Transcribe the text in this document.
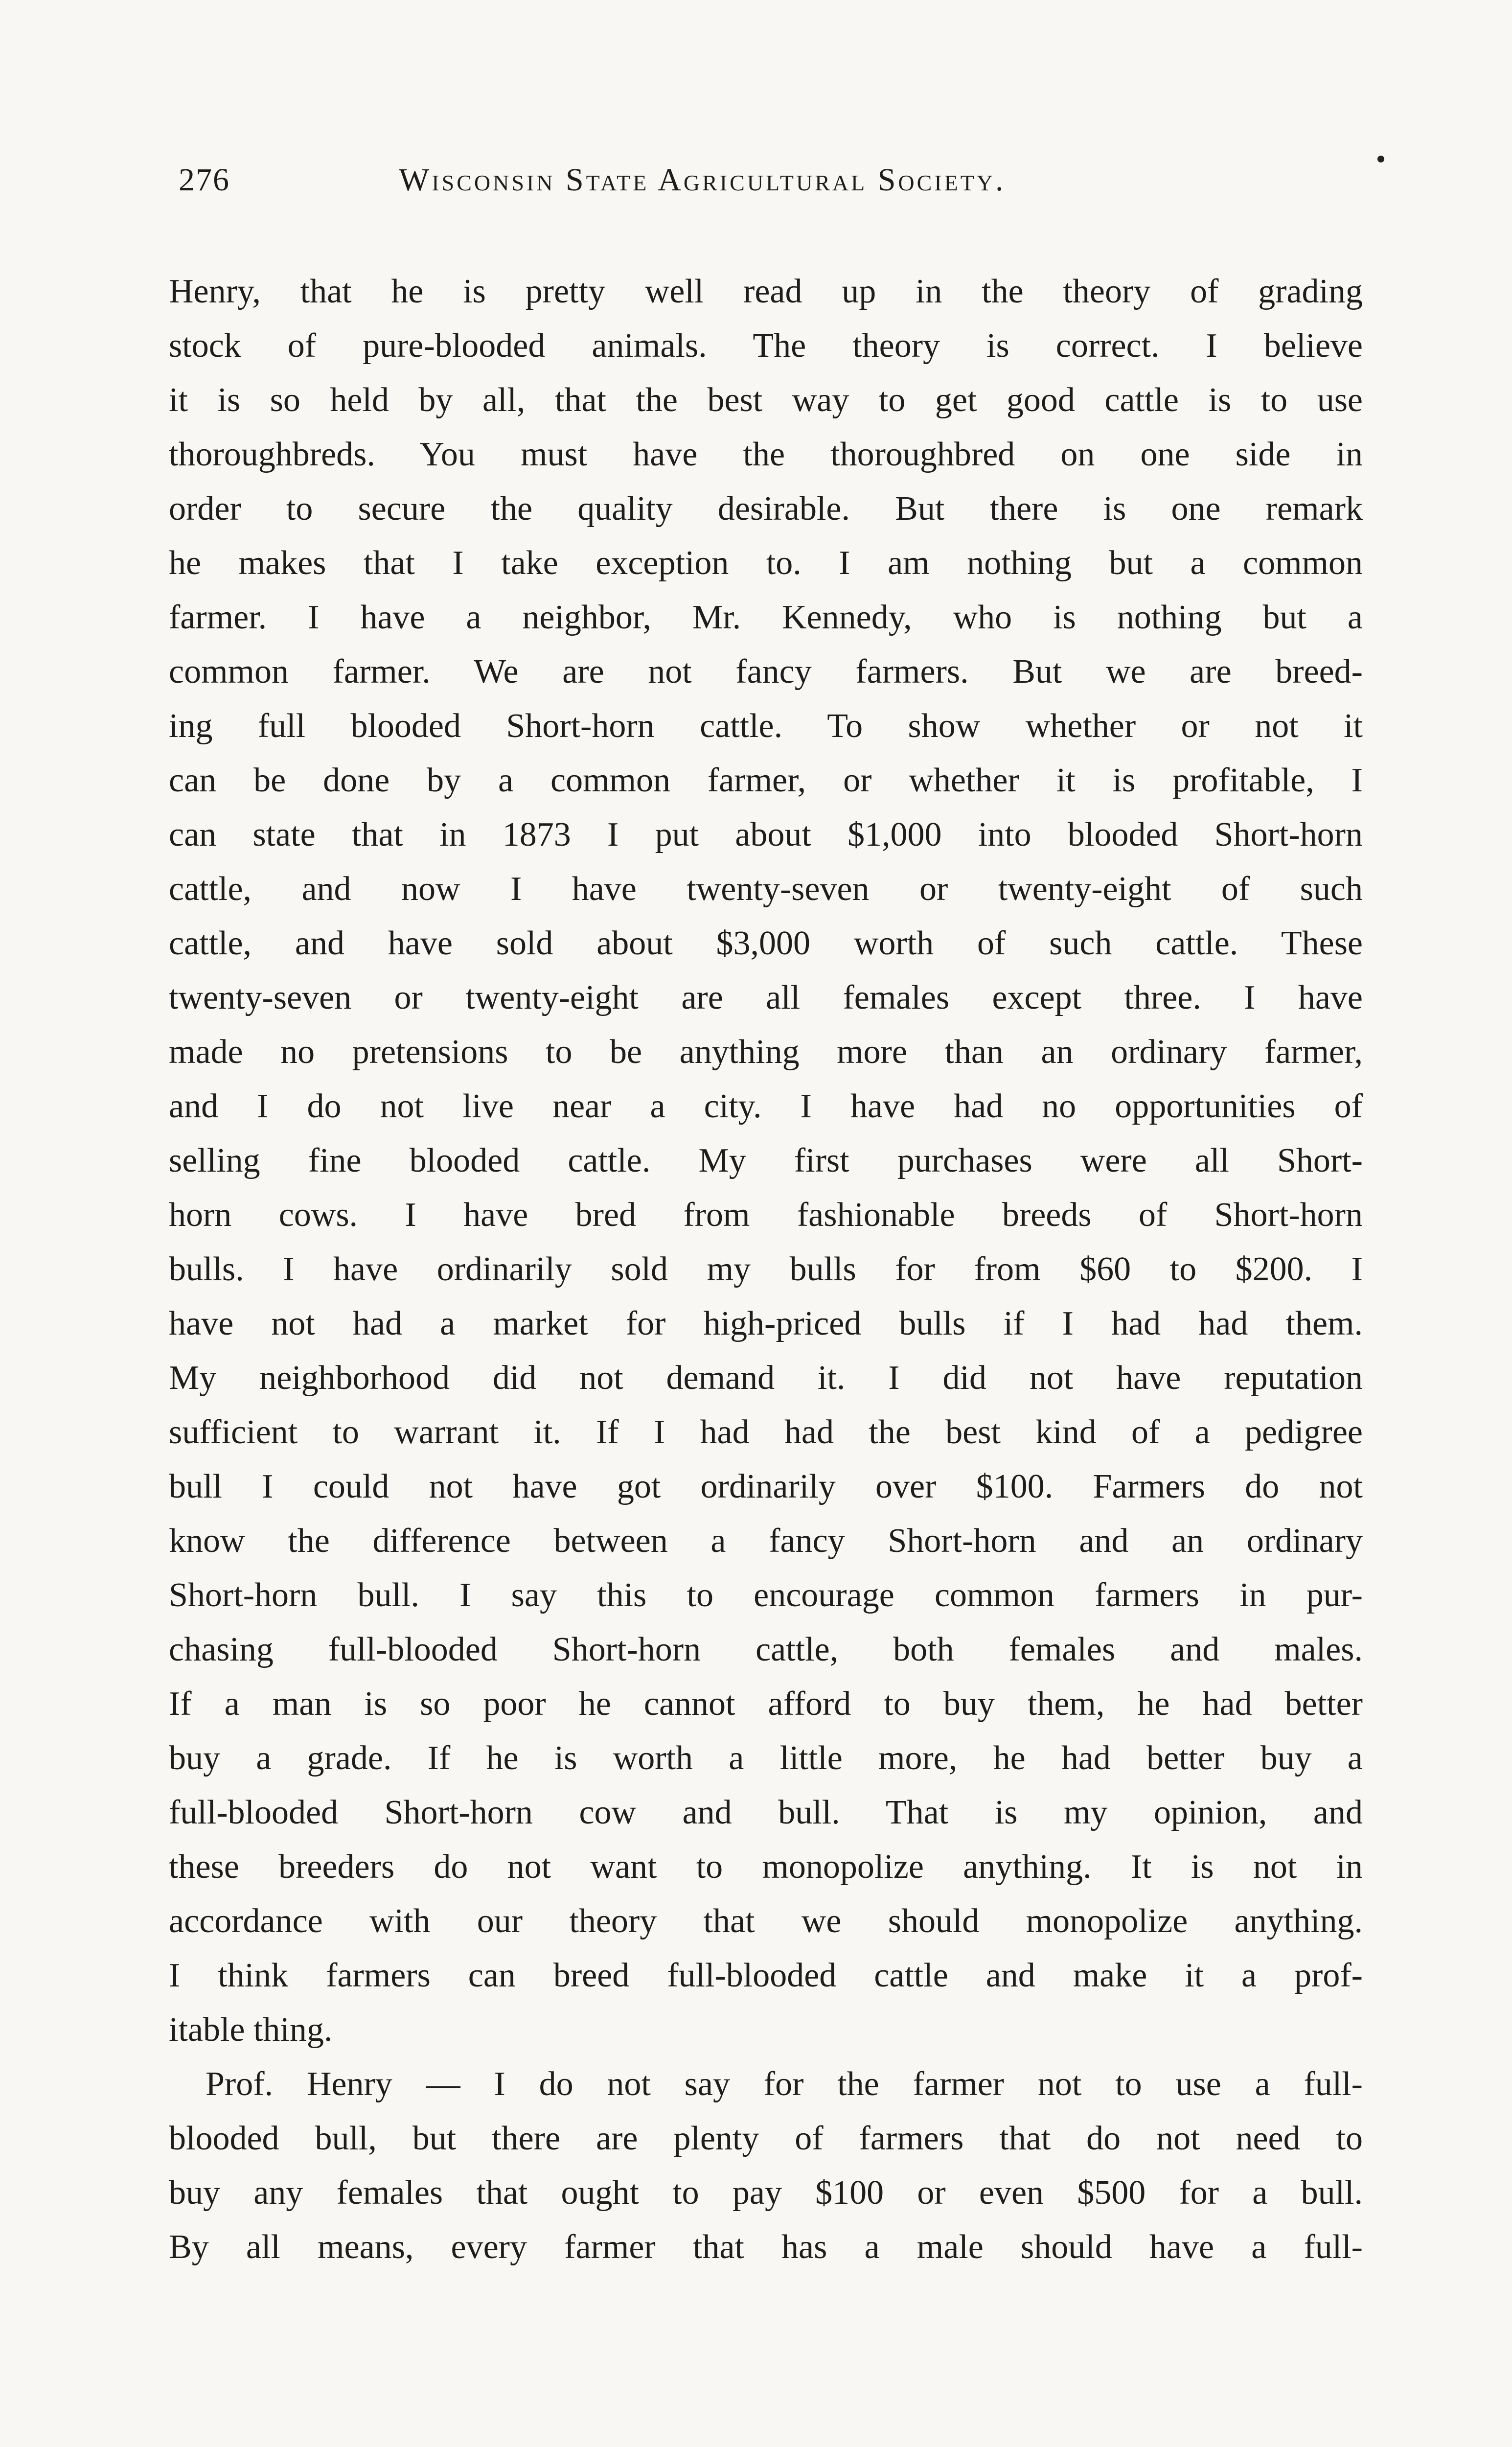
276	Wisconsin State Agricultural Society.
Henry, that he is pretty well read up in the theory of grading
stock of pure-blooded animals. The theory is correct. I believe
it is so held by all, that the best way to get good cattle is to use
thoroughbreds. You must have the thoroughbred on one side in
order to secure the quality desirable. But there is one remark
he makes that I take exception to. I am nothing but a common
farmer. I have a neighbor, Mr. Kennedy, who is nothing but a
common farmer. We are not fancy farmers. But we are breed-
ing full blooded Short-horn cattle. To show whether or not it
can be done by a common farmer, or whether it is profitable, I
can state that in 1873 I put about $1,000 into blooded Short-horn
cattle, and now I have twenty-seven or twenty-eight of such
cattle, and have sold about $3,000 worth of such cattle. These
twenty-seven or twenty-eight are all females except three. I have
made no pretensions to be anything more than an ordinary farmer,
and I do not live near a city. I have had no opportunities of
selling fine blooded cattle. My first purchases were all Short-
horn cows. I have bred from fashionable breeds of Short-horn
bulls. I have ordinarily sold my bulls for from $60 to $200. I
have not had a market for high-priced bulls if I had had them.
My neighborhood did not demand it. I did not have reputation
sufficient to warrant it. If I had had the best kind of a pedigree
bull I could not have got ordinarily over $100. Farmers do not
know the difference between a fancy Short-horn and an ordinary
Short-horn bull. I say this to encourage common farmers in pur-
chasing full-blooded Short-horn cattle, both females and males.
If a man is so poor he cannot afford to buy them, he had better
buy a grade. If he is worth a little more, he had better buy a
full-blooded Short-horn cow and bull. That is my opinion, and
these breeders do not want to monopolize anything. It is not in
accordance with our theory that we should monopolize anything.
I think farmers can breed full-blooded cattle and make it a prof-
itable thing.
Prof. Henry — I do not say for the farmer not to use a full-
blooded bull, but there are plenty of farmers that do not need to
buy any females that ought to pay $100 or even $500 for a bull.
By all means, every farmer that has a male should have a full-
